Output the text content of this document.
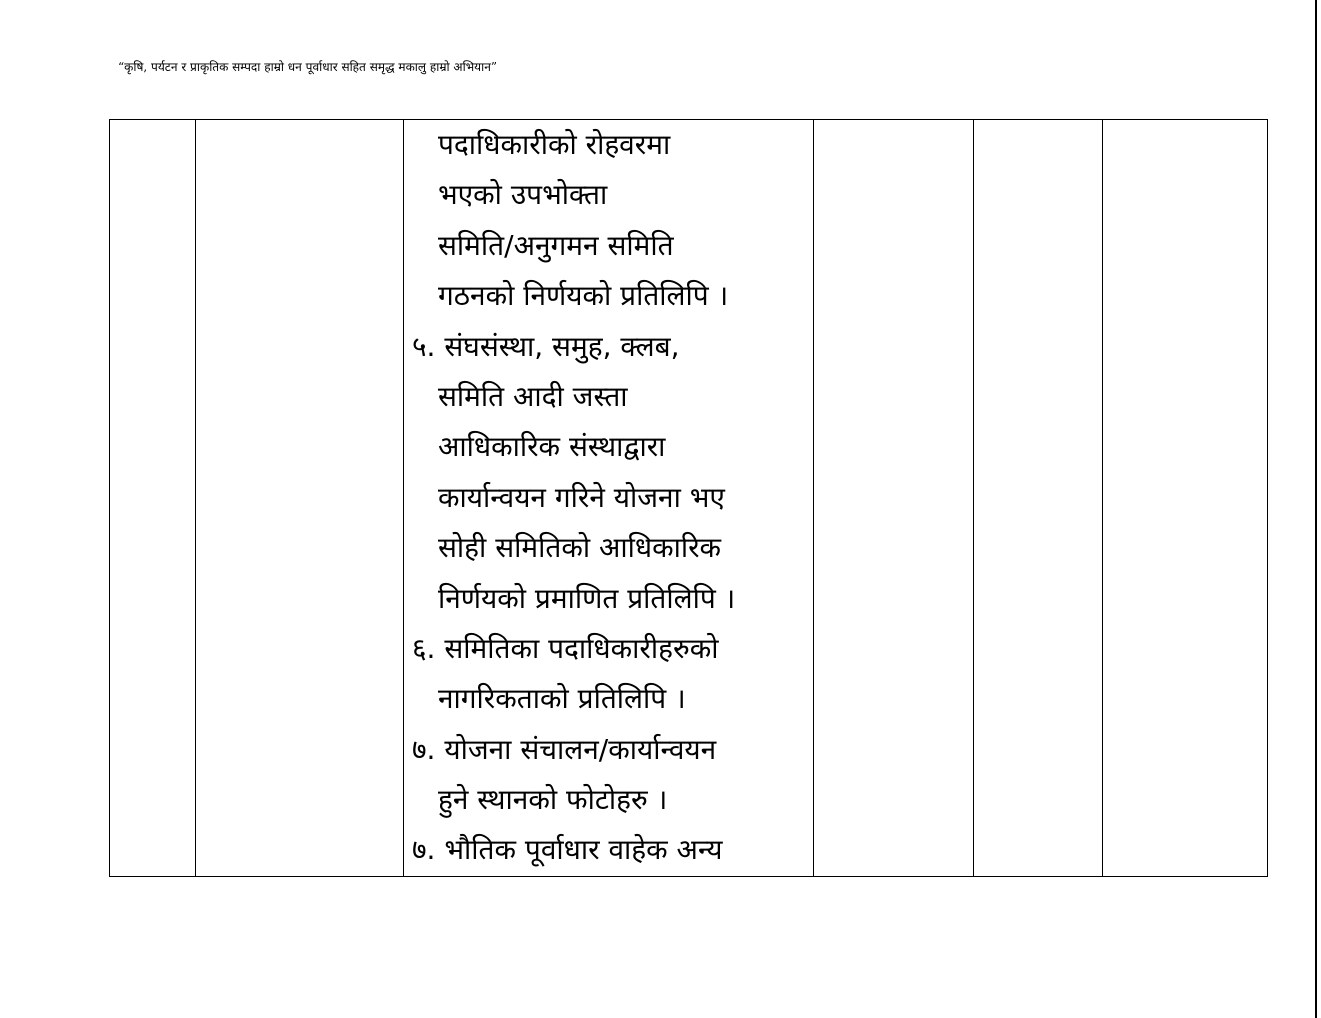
“कृषि, पर्यटन र प्राकृतिक सम्पदा हाम्रो धन पूर्वाधार सहित समृद्ध मकालु हाम्रो अभियान”

पदाधिकारीको रोहवरमा
भएको उपभोक्ता
समिति/अनुगमन समिति
गठनको निर्णयको प्रतिलिपि ।
५. संघसंस्था, समुह, क्लब,
समिति आदी जस्ता
आधिकारिक संस्थाद्वारा
कार्यान्वयन गरिने योजना भए
सोही समितिको आधिकारिक
निर्णयको प्रमाणित प्रतिलिपि ।
६. समितिका पदाधिकारीहरुको
नागरिकताको प्रतिलिपि ।
७. योजना संचालन/कार्यान्वयन
हुने स्थानको फोटोहरु ।
७. भौतिक पूर्वाधार वाहेक अन्य
